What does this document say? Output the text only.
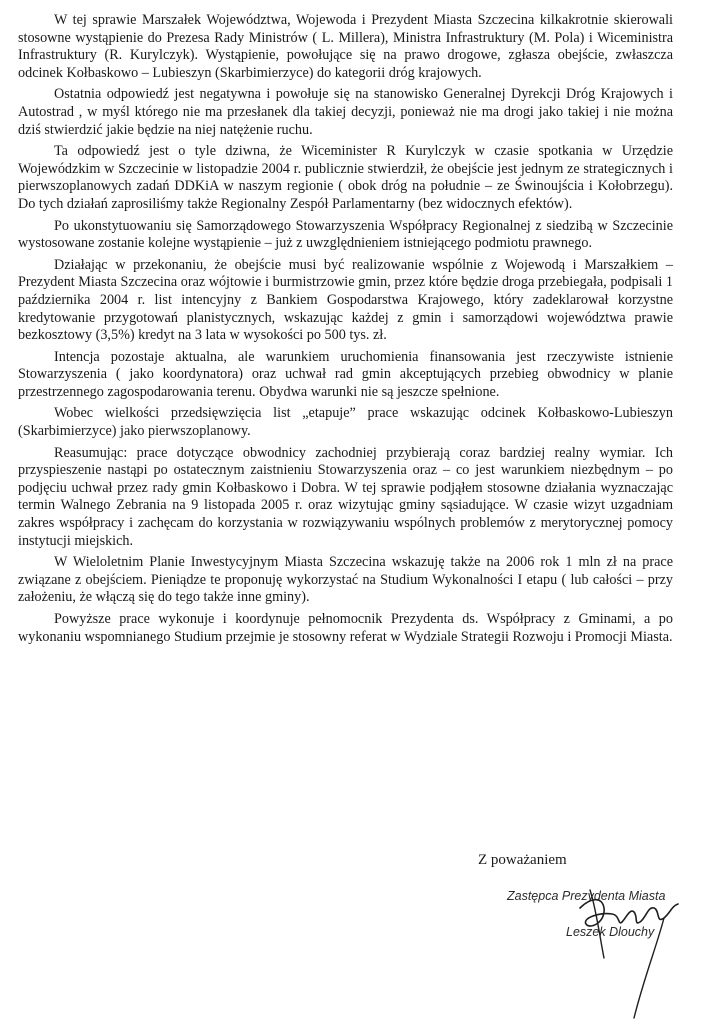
W tej sprawie Marszałek Województwa, Wojewoda i Prezydent Miasta Szczecina kilkakrotnie skierowali stosowne wystąpienie do Prezesa Rady Ministrów ( L. Millera), Ministra Infrastruktury (M. Pola) i Wiceministra Infrastruktury (R. Kurylczyk). Wystąpienie, powołujące się na prawo drogowe, zgłasza obejście, zwłaszcza odcinek Kołbaskowo – Lubieszyn (Skarbimierzyce) do kategorii dróg krajowych.

Ostatnia odpowiedź jest negatywna i powołuje się na stanowisko Generalnej Dyrekcji Dróg Krajowych i Autostrad , w myśl którego nie ma przesłanek dla takiej decyzji, ponieważ nie ma drogi jako takiej i nie można dziś stwierdzić jakie będzie na niej natężenie ruchu.

Ta odpowiedź jest o tyle dziwna, że Wiceminister R Kurylczyk w czasie spotkania w Urzędzie Wojewódzkim w Szczecinie w listopadzie 2004 r. publicznie stwierdził, że obejście jest jednym ze strategicznych i pierwszoplanowych zadań DDKiA w naszym regionie ( obok dróg na południe – ze Świnoujścia i Kołobrzegu). Do tych działań zaprosiliśmy także Regionalny Zespół Parlamentarny (bez widocznych efektów).

Po ukonstytuowaniu się Samorządowego Stowarzyszenia Współpracy Regionalnej z siedzibą w Szczecinie wystosowane zostanie kolejne wystąpienie – już z uwzględnieniem istniejącego podmiotu prawnego.

Działając w przekonaniu, że obejście musi być realizowanie wspólnie z Wojewodą i Marszałkiem – Prezydent Miasta Szczecina oraz wójtowie i burmistrzowie gmin, przez które będzie droga przebiegała, podpisali 1 października 2004 r. list intencyjny z Bankiem Gospodarstwa Krajowego, który zadeklarował korzystne kredytowanie przygotowań planistycznych, wskazując każdej z gmin i samorządowi województwa prawie bezkosztowy (3,5%) kredyt na 3 lata w wysokości po 500 tys. zł.

Intencja pozostaje aktualna, ale warunkiem uruchomienia finansowania jest rzeczywiste istnienie Stowarzyszenia ( jako koordynatora) oraz uchwał rad gmin akceptujących przebieg obwodnicy w planie przestrzennego zagospodarowania terenu. Obydwa warunki nie są jeszcze spełnione.

Wobec wielkości przedsięwzięcia list „etapuje” prace wskazując odcinek Kołbaskowo-Lubieszyn (Skarbimierzyce) jako pierwszoplanowy.

Reasumując: prace dotyczące obwodnicy zachodniej przybierają coraz bardziej realny wymiar. Ich przyspieszenie nastąpi po ostatecznym zaistnieniu Stowarzyszenia oraz – co jest warunkiem niezbędnym – po podjęciu uchwał przez rady gmin Kołbaskowo i Dobra. W tej sprawie podjąłem stosowne działania wyznaczając termin Walnego Zebrania na 9 listopada 2005 r. oraz wizytując gminy sąsiadujące. W czasie wizyt uzgadniam zakres współpracy i zachęcam do korzystania w rozwiązywaniu wspólnych problemów z merytorycznej pomocy instytucji miejskich.

W Wieloletnim Planie Inwestycyjnym Miasta Szczecina wskazuję także na 2006 rok 1 mln zł na prace związane z obejściem. Pieniądze te proponuję wykorzystać na Studium Wykonalności I etapu ( lub całości – przy założeniu, że włączą się do tego także inne gminy).

Powyższe prace wykonuje i koordynuje pełnomocnik Prezydenta ds. Współpracy z Gminami, a po wykonaniu wspomnianego Studium przejmie je stosowny referat w Wydziale Strategii Rozwoju i Promocji Miasta.

Z poważaniem
Zastępca Prezydenta Miasta
Leszek Dlouchy
